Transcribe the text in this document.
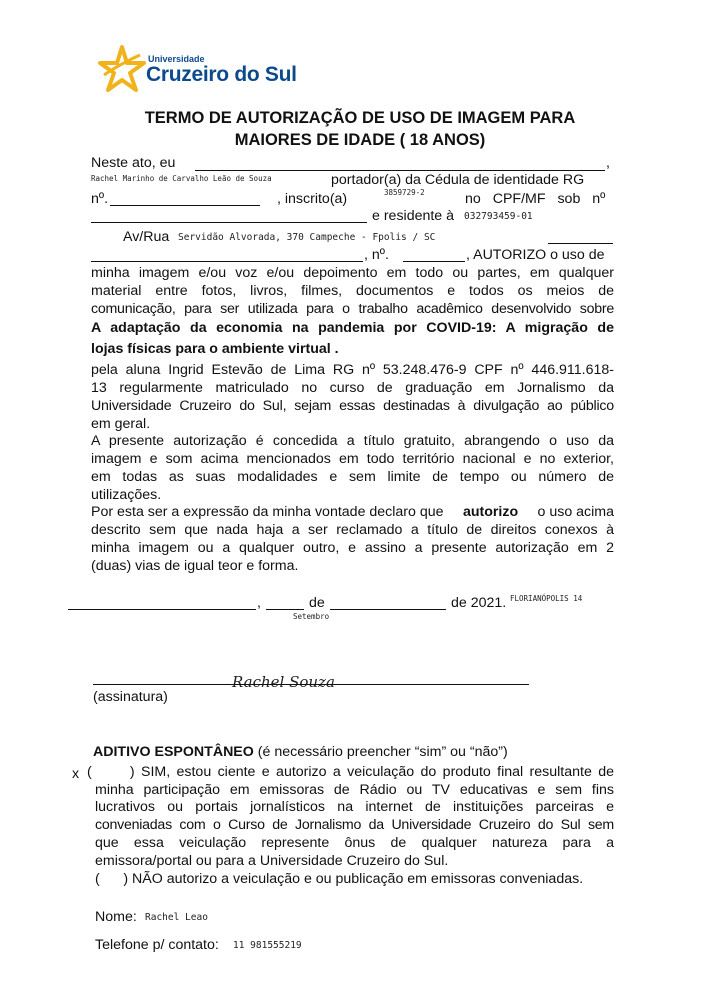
Universidade
Cruzeiro do Sul
TERMO DE AUTORIZAÇÃO DE USO DE IMAGEM PARA
MAIORES DE IDADE ( 18 ANOS)
Neste ato, eu	,
Rachel Marinho de Carvalho Leão de Souza	portador(a) da Cédula de identidade RG
nº.	, inscrito(a)	3859729-2	no CPF/MF sob nº
e residente à 032793459-01
Av/Rua Servidão Alvorada, 370 Campeche - Fpolis / SC
, nº.	, AUTORIZO o uso de
minha imagem e/ou voz e/ou depoimento em todo ou partes, em qualquer
material entre fotos, livros, filmes, documentos e todos os meios de
comunicação, para ser utilizada para o trabalho acadêmico desenvolvido sobre
A adaptação da economia na pandemia por COVID-19: A migração de
lojas físicas para o ambiente virtual .
pela aluna Ingrid Estevão de Lima RG nº 53.248.476-9 CPF nº 446.911.618-
13 regularmente matriculado no curso de graduação em Jornalismo da
Universidade Cruzeiro do Sul, sejam essas destinadas à divulgação ao público
em geral.
A presente autorização é concedida a título gratuito, abrangendo o uso da
imagem e som acima mencionados em todo território nacional e no exterior,
em todas as suas modalidades e sem limite de tempo ou número de
utilizações.
Por esta ser a expressão da minha vontade declaro que autorizo o uso acima
descrito sem que nada haja a ser reclamado a título de direitos conexos à
minha imagem ou a qualquer outro, e assino a presente autorização em 2
(duas) vias de igual teor e forma.
,	de	de 2021. FLORIANÓPOLIS 14
Setembro
Rachel Souza
(assinatura)
ADITIVO ESPONTÂNEO (é necessário preencher “sim” ou “não”)
x (      ) SIM, estou ciente e autorizo a veiculação do produto final resultante de
minha participação em emissoras de Rádio ou TV educativas e sem fins
lucrativos ou portais jornalísticos na internet de instituições parceiras e
conveniadas com o Curso de Jornalismo da Universidade Cruzeiro do Sul sem
que essa veiculação represente ônus de qualquer natureza para a
emissora/portal ou para a Universidade Cruzeiro do Sul.
(      ) NÃO autorizo a veiculação e ou publicação em emissoras conveniadas.
Nome: Rachel Leao
Telefone p/ contato: 11 981555219
